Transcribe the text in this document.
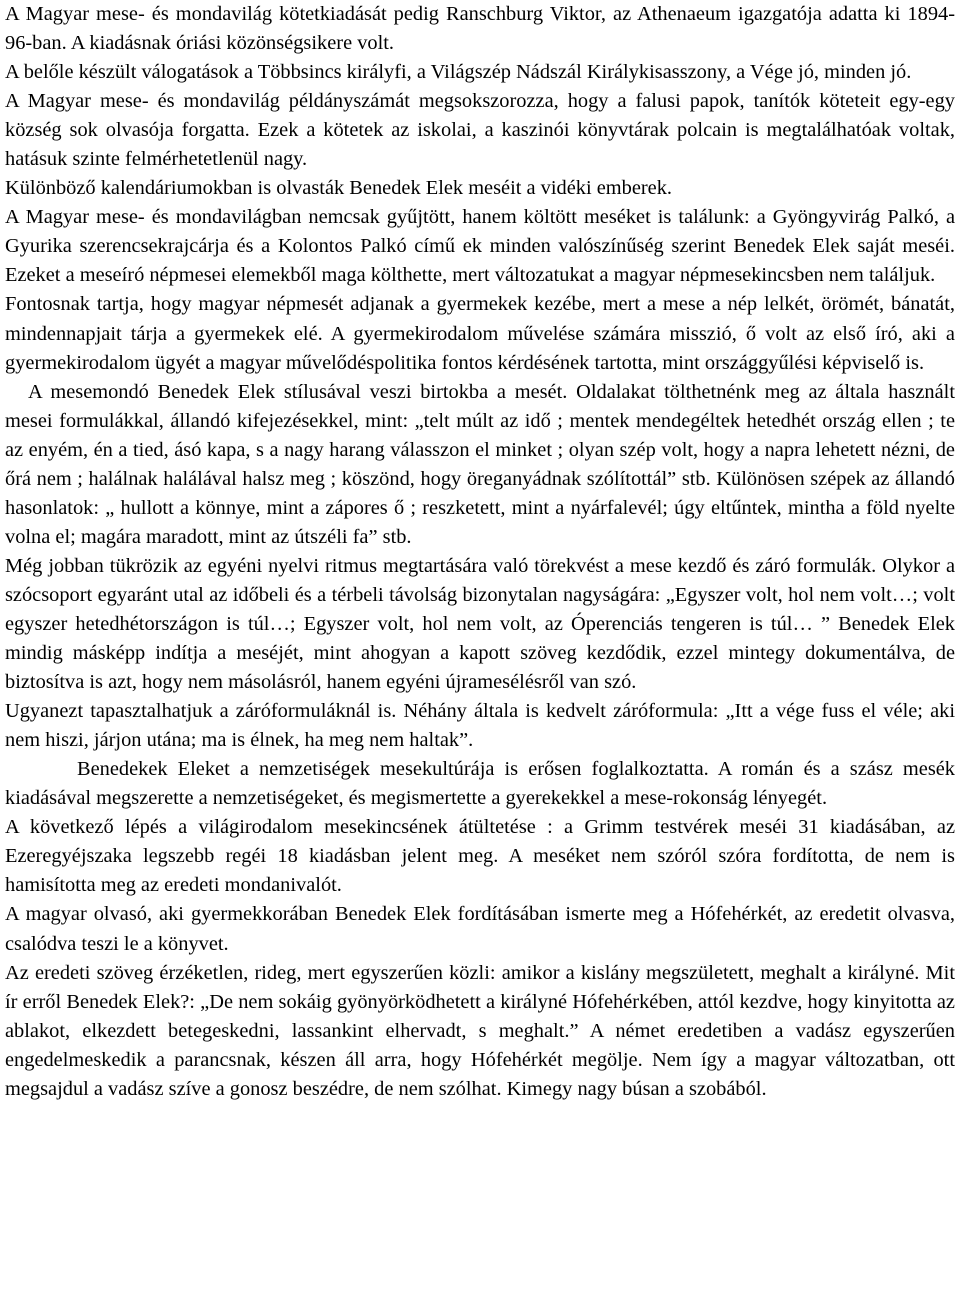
A Magyar mese- és mondavilág kötetkiadását pedig Ranschburg Viktor, az Athenaeum igazgatója adatta ki 1894-96-ban. A kiadásnak óriási közönségsikere volt.

A belőle készült válogatások a Többsincs királyfi, a Világszép Nádszál Királykisasszony, a Vége jó, minden jó.

A Magyar mese- és mondavilág példányszámát megsokszorozza, hogy a falusi papok, tanítók köteteit egy-egy község sok olvasója forgatta. Ezek a kötetek az iskolai, a kaszinói könyvtárak polcain is megtalálhatóak voltak, hatásuk szinte felmérhetetlenül nagy.

Különböző kalendáriumokban is olvasták Benedek Elek meséit a vidéki emberek.

A Magyar mese- és mondavilágban nemcsak gyűjtött, hanem költött meséket is találunk: a Gyöngyvirág Palkó, a Gyurika szerencsekrajcárja és a Kolontos Palkó című ek minden valószínűség szerint Benedek Elek saját meséi. Ezeket a meseíró népmesei elemekből maga költhette, mert változatukat a magyar népmesekincsben nem találjuk.

Fontosnak tartja, hogy magyar népmesét adjanak a gyermekek kezébe, mert a mese a nép lelkét, örömét, bánatát, mindennapjait tárja a gyermekek elé. A gyermekirodalom művelése számára misszió, ő volt az első író, aki a gyermekirodalom ügyét a magyar művelődéspolitika fontos kérdésének tartotta, mint országgyűlési képviselő is.

A mesemondó Benedek Elek stílusával veszi birtokba a mesét. Oldalakat tölthetnénk meg az általa használt mesei formulákkal, állandó kifejezésekkel, mint: „telt múlt az idő ; mentek mendegéltek hetedhét ország ellen ; te az enyém, én a tied, ásó kapa, s a nagy harang válasszon el minket ; olyan szép volt, hogy a napra lehetett nézni, de őrá nem ; halálnak halálával halsz meg ; köszönd, hogy öreganyádnak szólítottál” stb. Különösen szépek az állandó hasonlatok: „ hullott a könnye, mint a zápores ő ; reszketett, mint a nyárfalevél; úgy eltűntek, mintha a föld nyelte volna el; magára maradott, mint az útszéli fa” stb.

Még jobban tükrözik az egyéni nyelvi ritmus megtartására való törekvést a mese kezdő és záró formulák. Olykor a szócsoport egyaránt utal az időbeli és a térbeli távolság bizonytalan nagyságára: „Egyszer volt, hol nem volt…; volt egyszer hetedhétországon is túl…; Egyszer volt, hol nem volt, az Óperenciás tengeren is túl… ” Benedek Elek mindig másképp indítja a meséjét, mint ahogyan a kapott szöveg kezdődik, ezzel mintegy dokumentálva, de biztosítva is azt, hogy nem másolásról, hanem egyéni újramesélésről van szó.

Ugyanezt tapasztalhatjuk a záróformuláknál is. Néhány általa is kedvelt záróformula: „Itt a vége fuss el véle; aki nem hiszi, járjon utána; ma is élnek, ha meg nem haltak”.

Benedekek Eleket a nemzetiségek mesekultúrája is erősen foglalkoztatta. A román és a szász mesék kiadásával megszerette a nemzetiségeket, és megismertette a gyerekekkel a mese-rokonság lényegét.

A következő lépés a világirodalom mesekincsének átültetése : a Grimm testvérek meséi 31 kiadásában, az Ezeregyéjszaka legszebb regéi 18 kiadásban jelent meg. A meséket nem szóról szóra fordította, de nem is hamisította meg az eredeti mondanivalót.

A magyar olvasó, aki gyermekkorában Benedek Elek fordításában ismerte meg a Hófehérkét, az eredetit olvasva, csalódva teszi le a könyvet.

Az eredeti szöveg érzéketlen, rideg, mert egyszerűen közli: amikor a kislány megszületett, meghalt a királyné. Mit ír erről Benedek Elek?: „De nem sokáig gyönyörködhetett a királyné Hófehérkében, attól kezdve, hogy kinyitotta az ablakot, elkezdett betegeskedni, lassankint elhervadt, s meghalt.” A német eredetiben a vadász egyszerűen engedelmeskedik a parancsnak, készen áll arra, hogy Hófehérkét megölje. Nem így a magyar változatban, ott megsajdul a vadász szíve a gonosz beszédre, de nem szólhat. Kimegy nagy búsan a szobából.
